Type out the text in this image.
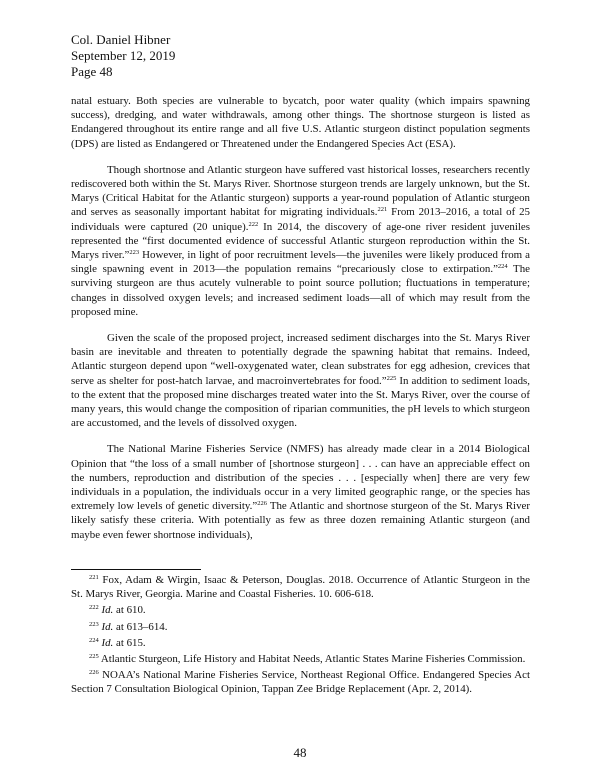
Col. Daniel Hibner
September 12, 2019
Page 48

natal estuary. Both species are vulnerable to bycatch, poor water quality (which impairs spawning success), dredging, and water withdrawals, among other things. The shortnose sturgeon is listed as Endangered throughout its entire range and all five U.S. Atlantic sturgeon distinct population segments (DPS) are listed as Endangered or Threatened under the Endangered Species Act (ESA).

Though shortnose and Atlantic sturgeon have suffered vast historical losses, researchers recently rediscovered both within the St. Marys River. Shortnose sturgeon trends are largely unknown, but the St. Marys (Critical Habitat for the Atlantic sturgeon) supports a year-round population of Atlantic sturgeon and serves as seasonally important habitat for migrating individuals.$^{221}$ From 2013–2016, a total of 25 individuals were captured (20 unique).$^{222}$ In 2014, the discovery of age-one river resident juveniles represented the “first documented evidence of successful Atlantic sturgeon reproduction within the St. Marys river.”$^{223}$ However, in light of poor recruitment levels—the juveniles were likely produced from a single spawning event in 2013—the population remains “precariously close to extirpation.”$^{224}$ The surviving sturgeon are thus acutely vulnerable to point source pollution; fluctuations in temperature; changes in dissolved oxygen levels; and increased sediment loads—all of which may result from the proposed mine.

Given the scale of the proposed project, increased sediment discharges into the St. Marys River basin are inevitable and threaten to potentially degrade the spawning habitat that remains. Indeed, Atlantic sturgeon depend upon “well-oxygenated water, clean substrates for egg adhesion, crevices that serve as shelter for post-hatch larvae, and macroinvertebrates for food.”$^{225}$ In addition to sediment loads, to the extent that the proposed mine discharges treated water into the St. Marys River, over the course of many years, this would change the composition of riparian communities, the pH levels to which sturgeon are accustomed, and the levels of dissolved oxygen.

The National Marine Fisheries Service (NMFS) has already made clear in a 2014 Biological Opinion that “the loss of a small number of [shortnose sturgeon] . . . can have an appreciable effect on the numbers, reproduction and distribution of the species . . . [especially when] there are very few individuals in a population, the individuals occur in a very limited geographic range, or the species has extremely low levels of genetic diversity.”$^{226}$ The Atlantic and shortnose sturgeon of the St. Marys River likely satisfy these criteria. With potentially as few as three dozen remaining Atlantic sturgeon (and maybe even fewer shortnose individuals),

$^{221}$ Fox, Adam & Wirgin, Isaac & Peterson, Douglas. 2018. Occurrence of Atlantic Sturgeon in the St. Marys River, Georgia. Marine and Coastal Fisheries. 10. 606-618.
$^{222}$ Id. at 610.
$^{223}$ Id. at 613–614.
$^{224}$ Id. at 615.
$^{225}$ Atlantic Sturgeon, Life History and Habitat Needs, Atlantic States Marine Fisheries Commission.
$^{226}$ NOAA’s National Marine Fisheries Service, Northeast Regional Office. Endangered Species Act Section 7 Consultation Biological Opinion, Tappan Zee Bridge Replacement (Apr. 2, 2014).
48
